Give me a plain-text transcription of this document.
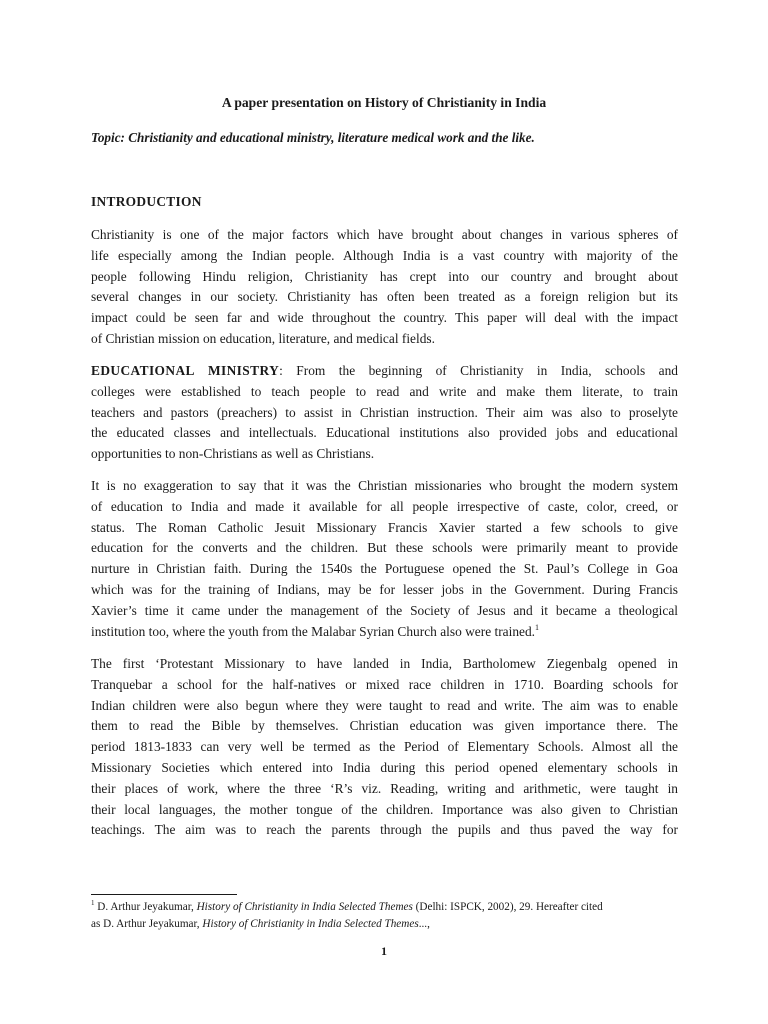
A paper presentation on History of Christianity in India
Topic: Christianity and educational ministry, literature medical work and the like.
INTRODUCTION
Christianity is one of the major factors which have brought about changes in various spheres of
life especially among the Indian people. Although India is a vast country with majority of the
people following Hindu religion, Christianity has crept into our country and brought about
several changes in our society. Christianity has often been treated as a foreign religion but its
impact could be seen far and wide throughout the country. This paper will deal with the impact
of Christian mission on education, literature, and medical fields.
EDUCATIONAL MINISTRY: From the beginning of Christianity in India, schools and
colleges were established to teach people to read and write and make them literate, to train
teachers and pastors (preachers) to assist in Christian instruction. Their aim was also to proselyte
the educated classes and intellectuals. Educational institutions also provided jobs and educational
opportunities to non-Christians as well as Christians.
It is no exaggeration to say that it was the Christian missionaries who brought the modern system
of education to India and made it available for all people irrespective of caste, color, creed, or
status. The Roman Catholic Jesuit Missionary Francis Xavier started a few schools to give
education for the converts and the children. But these schools were primarily meant to provide
nurture in Christian faith. During the 1540s the Portuguese opened the St. Paul’s College in Goa
which was for the training of Indians, may be for lesser jobs in the Government. During Francis
Xavier’s time it came under the management of the Society of Jesus and it became a theological
institution too, where the youth from the Malabar Syrian Church also were trained.$^1$
The first ‘Protestant Missionary to have landed in India, Bartholomew Ziegenbalg opened in
Tranquebar a school for the half-natives or mixed race children in 1710. Boarding schools for
Indian children were also begun where they were taught to read and write. The aim was to enable
them to read the Bible by themselves. Christian education was given importance there. The
period 1813-1833 can very well be termed as the Period of Elementary Schools. Almost all the
Missionary Societies which entered into India during this period opened elementary schools in
their places of work, where the three ‘R’s viz. Reading, writing and arithmetic, were taught in
their local languages, the mother tongue of the children. Importance was also given to Christian
teachings. The aim was to reach the parents through the pupils and thus paved the way for
$^1$ D. Arthur Jeyakumar, History of Christianity in India Selected Themes (Delhi: ISPCK, 2002), 29. Hereafter cited
as D. Arthur Jeyakumar, History of Christianity in India Selected Themes...,
1
